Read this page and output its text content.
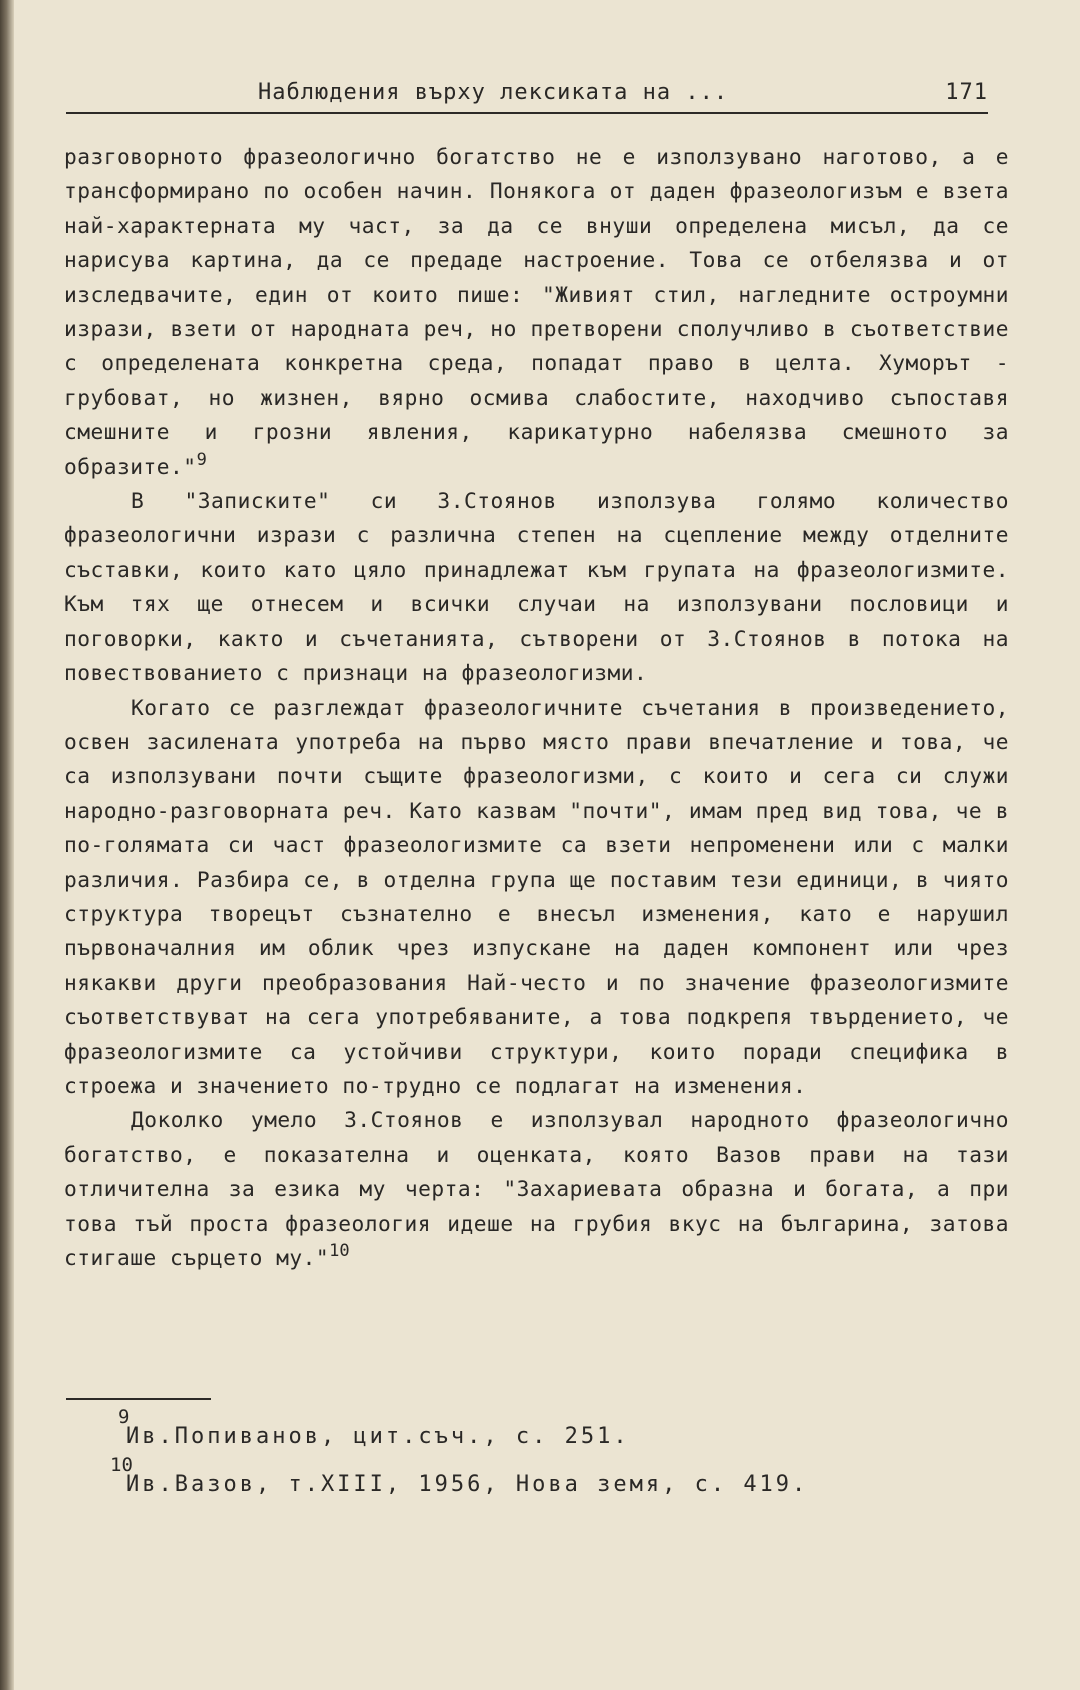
Наблюдения върху лексиката на ...	171

разговорното фразеологично богатство не е използувано наготово, а е трансформирано по особен начин. Понякога от даден фразеологизъм е взета най-характерната му част, за да се внуши определена мисъл, да се нарисува картина, да се предаде настроение. Това се отбелязва и от изследвачите, един от които пише: "Живият стил, нагледните остроумни изрази, взети от народната реч, но претворени сполучливо в съответствие с определената конкретна среда, попадат право в целта. Хуморът - грубоват, но жизнен, вярно осмива слабостите, находчиво съпоставя смешните и грозни явления, карикатурно набелязва смешното за образите."$^9$

В "Записките" си З.Стоянов използува голямо количество фразеологични изрази с различна степен на сцепление между отделните съставки, които като цяло принадлежат към групата на фразеологизмите. Към тях ще отнесем и всички случаи на използувани пословици и поговорки, както и съчетанията, сътворени от З.Стоянов в потока на повествованието с признаци на фразеологизми.

Когато се разглеждат фразеологичните съчетания в произведението, освен засилената употреба на първо място прави впечатление и това, че са използувани почти същите фразеологизми, с които и сега си служи народно-разговорната реч. Като казвам "почти", имам пред вид това, че в по-голямата си част фразеологизмите са взети непроменени или с малки различия. Разбира се, в отделна група ще поставим тези единици, в чиято структура творецът съзнателно е внесъл изменения, като е нарушил първоначалния им облик чрез изпускане на даден компонент или чрез някакви други преобразования Най-често и по значение фразеологизмите съответствуват на сега употребяваните, а това подкрепя твърдението, че фразеологизмите са устойчиви структури, които поради специфика в строежа и значението по-трудно се подлагат на изменения.

Доколко умело З.Стоянов е използувал народното фразеологично богатство, е показателна и оценката, която Вазов прави на тази отличителна за езика му черта: "Захариевата образна и богата, а при това тъй проста фразеология идеше на грубия вкус на българина, затова стигаше сърцето му."$^{10}$

9
Ив.Попиванов, цит.съч., с. 251.
10
Ив.Вазов, т.XIII, 1956, Нова земя, с. 419.
